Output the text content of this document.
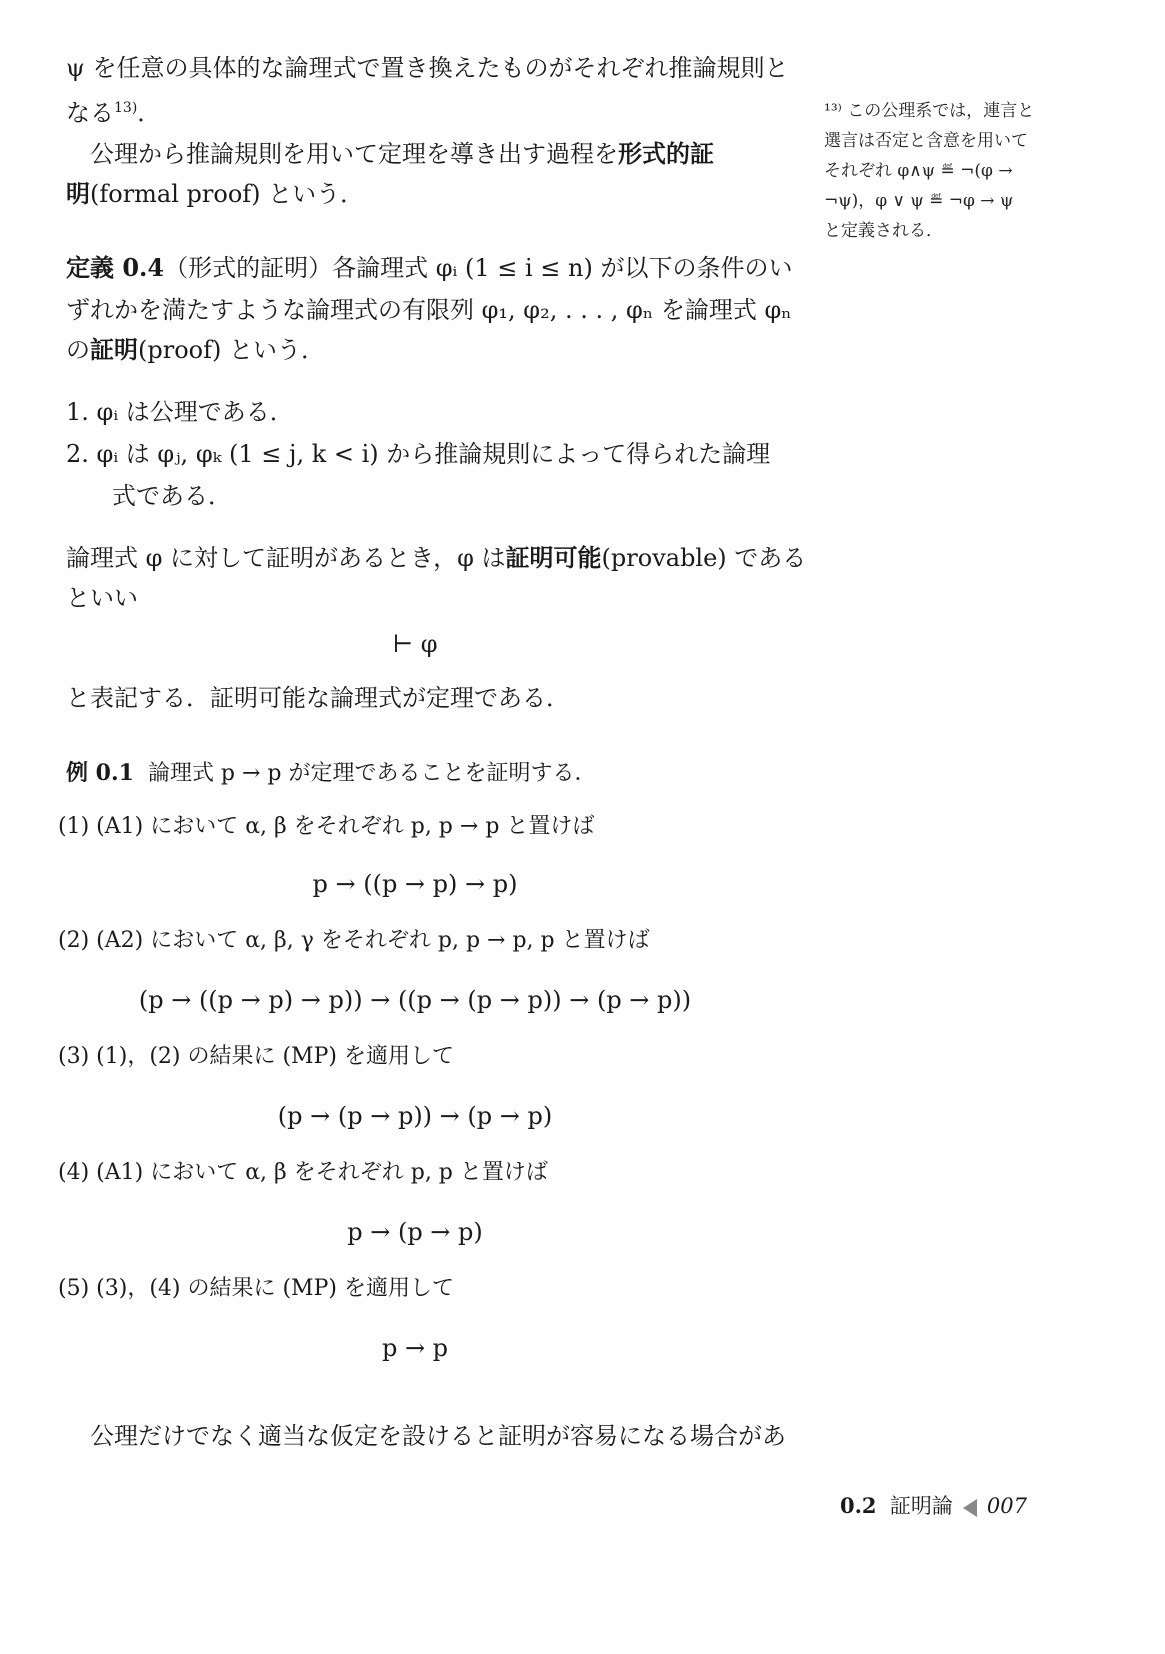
ψ を任意の具体的な論理式で置き換えたものがそれぞれ推論規則と
なる$^{13)}$．
公理から推論規則を用いて定理を導き出す過程を形式的証
明(formal proof) という．
定義 0.4（形式的証明）各論理式 φᵢ (1 ≤ i ≤ n) が以下の条件のい
ずれかを満たすような論理式の有限列 φ₁, φ₂, . . . , φₙ を論理式 φₙ
の証明(proof) という．
1. φᵢ は公理である．
2. φᵢ は φⱼ, φₖ (1 ≤ j, k < i) から推論規則によって得られた論理
式である．
論理式 φ に対して証明があるとき，φ は証明可能(provable) である
といい
⊢ φ
と表記する．証明可能な論理式が定理である．
例 0.1 論理式 p → p が定理であることを証明する．
(1) (A1) において α, β をそれぞれ p, p → p と置けば
p → ((p → p) → p)
(2) (A2) において α, β, γ をそれぞれ p, p → p, p と置けば
(p → ((p → p) → p)) → ((p → (p → p)) → (p → p))
(3) (1)，(2) の結果に (MP) を適用して
(p → (p → p)) → (p → p)
(4) (A1) において α, β をそれぞれ p, p と置けば
p → (p → p)
(5) (3)，(4) の結果に (MP) を適用して
p → p
公理だけでなく適当な仮定を設けると証明が容易になる場合があ
¹³⁾ この公理系では，連言と
選言は否定と含意を用いて
それぞれ φ∧ψ ≝ ¬(φ →
¬ψ)，φ ∨ ψ ≝ ¬φ → ψ
と定義される．
0.2 証明論 007
